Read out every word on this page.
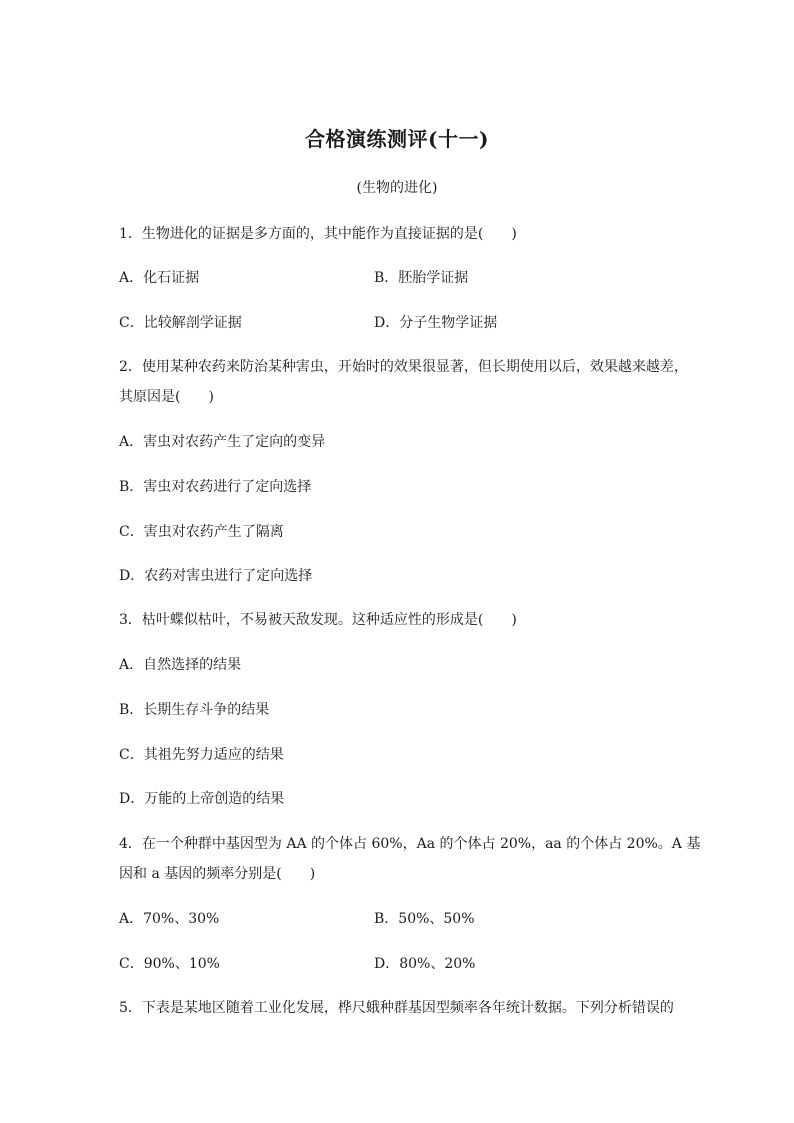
合格演练测评(十一)
(生物的进化)
1．生物进化的证据是多方面的，其中能作为直接证据的是(　　)
A．化石证据	B．胚胎学证据
C．比较解剖学证据	D．分子生物学证据
2．使用某种农药来防治某种害虫，开始时的效果很显著，但长期使用以后，效果越来越差，
其原因是(　　)
A．害虫对农药产生了定向的变异
B．害虫对农药进行了定向选择
C．害虫对农药产生了隔离
D．农药对害虫进行了定向选择
3．枯叶蝶似枯叶，不易被天敌发现。这种适应性的形成是(　　)
A．自然选择的结果
B．长期生存斗争的结果
C．其祖先努力适应的结果
D．万能的上帝创造的结果
4．在一个种群中基因型为 AA 的个体占 60%，Aa 的个体占 20%，aa 的个体占 20%。A 基
因和 a 基因的频率分别是(　　)
A．70%、30%	B．50%、50%
C．90%、10%	D．80%、20%
5．下表是某地区随着工业化发展，桦尺蛾种群基因型频率各年统计数据。下列分析错误的
